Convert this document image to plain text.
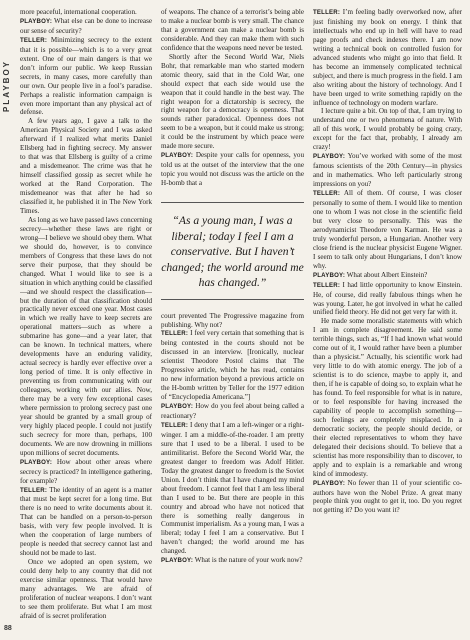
PLAYBOY

more peaceful, international cooperation.

PLAYBOY: What else can be done to increase our sense of security?

TELLER: Minimizing secrecy to the extent that it is possible—which is to a very great extent. One of our main dangers is that we don’t inform our public. We keep Russian secrets, in many cases, more carefully than our own. Our people live in a fool’s paradise. Perhaps a realistic information campaign is even more important than any physical act of defense.

A few years ago, I gave a talk to the American Physical Society and I was asked afterward if I realized what merits Daniel Ellsberg had in fighting secrecy. My answer to that was that Ellsberg is guilty of a crime and a misdemeanor. The crime was that he himself classified gossip as secret while he worked at the Rand Corporation. The misdemeanor was that after he had so classified it, he published it in The New York Times.

As long as we have passed laws concerning secrecy—whether these laws are right or wrong—I believe we should obey them. What we should do, however, is to convince members of Congress that these laws do not serve their purpose, that they should be changed. What I would like to see is a situation in which anything could be classified—and we should respect the classification—but the duration of that classification should practically never exceed one year. Most cases in which we really have to keep secrets are operational matters—such as where a submarine has gone—and a year later, that can be known. In technical matters, where developments have an enduring validity, actual secrecy is hardly ever effective over a long period of time. It is only effective in preventing us from communicating with our colleagues, working with our allies. Now, there may be a very few exceptional cases where permission to prolong secrecy past one year should be granted by a small group of very highly placed people. I could not justify such secrecy for more than, perhaps, 100 documents. We are now drowning in millions upon millions of secret documents.

PLAYBOY: How about other areas where secrecy is practiced? In intelligence gathering, for example?

TELLER: The identity of an agent is a matter that must be kept secret for a long time. But there is no need to write documents about it. That can be handled on a person-to-person basis, with very few people involved. It is when the cooperation of large numbers of people is needed that secrecy cannot last and should not be made to last.

Once we adopted an open system, we could deny help to any country that did not exercise similar openness. That would have many advantages. We are afraid of proliferation of nuclear weapons. I don’t want to see them proliferate. But what I am most afraid of is secret proliferation

of weapons. The chance of a terrorist’s being able to make a nuclear bomb is very small. The chance that a government can make a nuclear bomb is considerable. And they can make them with such confidence that the weapons need never be tested.

Shortly after the Second World War, Niels Bohr, that remarkable man who started modern atomic theory, said that in the Cold War, one should expect that each side would use the weapon that it could handle in the best way. The right weapon for a dictatorship is secrecy, the right weapon for a democracy is openness. That sounds rather paradoxical. Openness does not seem to be a weapon, but it could make us strong; it could be the instrument by which peace were made more secure.

PLAYBOY: Despite your calls for openness, you told us at the outset of the interview that the one topic you would not discuss was the article on the H-bomb that a

“As a young man, I was a liberal; today I feel I am a conservative. But I haven’t changed; the world around me has changed.”

court prevented The Progressive magazine from publishing. Why not?

TELLER: I feel very certain that something that is being contested in the courts should not be discussed in an interview. [Ironically, nuclear scientist Theodore Postol claims that The Progressive article, which he has read, contains no new information beyond a previous article on the H-bomb written by Teller for the 1977 edition of “Encyclopedia Americana.”]

PLAYBOY: How do you feel about being called a reactionary?

TELLER: I deny that I am a left-winger or a right-winger. I am a middle-of-the-roader. I am pretty sure that I used to be a liberal. I used to be antimilitarist. Before the Second World War, the greatest danger to freedom was Adolf Hitler. Today the greatest danger to freedom is the Soviet Union. I don’t think that I have changed my mind about freedom. I cannot feel that I am less liberal than I used to be. But there are people in this country and abroad who have not noticed that there is something really dangerous in Communist imperialism. As a young man, I was a liberal; today I feel I am a conservative. But I haven’t changed; the world around me has changed.

PLAYBOY: What is the nature of your work now?

TELLER: I’m feeling badly overworked now, after just finishing my book on energy. I think that intellectuals who end up in hell will have to read page proofs and check indexes there. I am now writing a technical book on controlled fusion for advanced students who might go into that field. It has become an immensely complicated technical subject, and there is much progress in the field. I am also writing about the history of technology. And I have been urged to write something rapidly on the influence of technology on modern warfare.

I lecture quite a bit. On top of that, I am trying to understand one or two phenomena of nature. With all of this work, I would probably be going crazy, except for the fact that, probably, I already am crazy!

PLAYBOY: You’ve worked with some of the most famous scientists of the 20th Century—in physics and in mathematics. Who left particularly strong impressions on you?

TELLER: All of them. Of course, I was closer personally to some of them. I would like to mention one to whom I was not close in the scientific field but very close to personally. This was the aerodynamicist Theodore von Karman. He was a truly wonderful person, a Hungarian. Another very close friend is the nuclear physicist Eugene Wigner. I seem to talk only about Hungarians, I don’t know why.

PLAYBOY: What about Albert Einstein?

TELLER: I had little opportunity to know Einstein. He, of course, did really fabulous things when he was young. Later, he got involved in what he called unified field theory. He did not get very far with it.

He made some moralistic statements with which I am in complete disagreement. He said some terrible things, such as, “If I had known what would come out of it, I would rather have been a plumber than a physicist.” Actually, his scientific work had very little to do with atomic energy. The job of a scientist is to do science, maybe to apply it, and then, if he is capable of doing so, to explain what he has found. To feel responsible for what is in nature, or to feel responsible for having increased the capability of people to accomplish something—such feelings are completely misplaced. In a democratic society, the people should decide, or their elected representatives to whom they have delegated their decisions should. To believe that a scientist has more responsibility than to discover, to apply and to explain is a remarkable and wrong kind of immodesty.

PLAYBOY: No fewer than 11 of your scientific co-authors have won the Nobel Prize. A great many people think you ought to get it, too. Do you regret not getting it? Do you want it?

88
